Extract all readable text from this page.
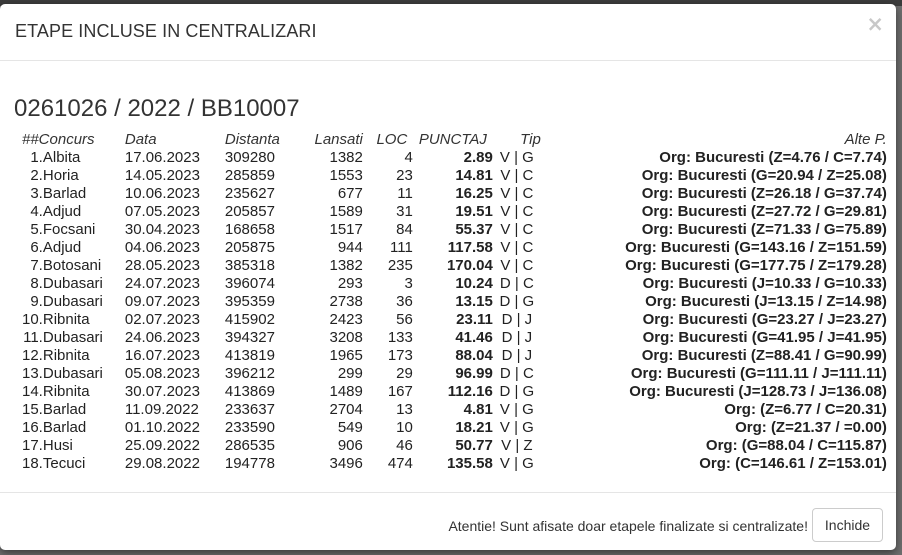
ETAPE INCLUSE IN CENTRALIZARI	×
0261026 / 2022 / BB10007
##Concurs	Data	Distanta	Lansati	LOC	PUNCTAJ	Tip	Alte P.
1.Albita	17.06.2023	309280	1382	4	2.89	V | G	Org: Bucuresti (Z=4.76 / C=7.74)
2.Horia	14.05.2023	285859	1553	23	14.81	V | C	Org: Bucuresti (G=20.94 / Z=25.08)
3.Barlad	10.06.2023	235627	677	11	16.25	V | C	Org: Bucuresti (Z=26.18 / G=37.74)
4.Adjud	07.05.2023	205857	1589	31	19.51	V | C	Org: Bucuresti (Z=27.72 / G=29.81)
5.Focsani	30.04.2023	168658	1517	84	55.37	V | C	Org: Bucuresti (Z=71.33 / G=75.89)
6.Adjud	04.06.2023	205875	944	111	117.58	V | C	Org: Bucuresti (G=143.16 / Z=151.59)
7.Botosani	28.05.2023	385318	1382	235	170.04	V | C	Org: Bucuresti (G=177.75 / Z=179.28)
8.Dubasari	24.07.2023	396074	293	3	10.24	D | C	Org: Bucuresti (J=10.33 / G=10.33)
9.Dubasari	09.07.2023	395359	2738	36	13.15	D | G	Org: Bucuresti (J=13.15 / Z=14.98)
10.Ribnita	02.07.2023	415902	2423	56	23.11	D | J	Org: Bucuresti (G=23.27 / J=23.27)
11.Dubasari	24.06.2023	394327	3208	133	41.46	D | J	Org: Bucuresti (G=41.95 / J=41.95)
12.Ribnita	16.07.2023	413819	1965	173	88.04	D | J	Org: Bucuresti (Z=88.41 / G=90.99)
13.Dubasari	05.08.2023	396212	299	29	96.99	D | C	Org: Bucuresti (G=111.11 / J=111.11)
14.Ribnita	30.07.2023	413869	1489	167	112.16	D | G	Org: Bucuresti (J=128.73 / J=136.08)
15.Barlad	11.09.2022	233637	2704	13	4.81	V | G	Org: (Z=6.77 / C=20.31)
16.Barlad	01.10.2022	233590	549	10	18.21	V | G	Org: (Z=21.37 / =0.00)
17.Husi	25.09.2022	286535	906	46	50.77	V | Z	Org: (G=88.04 / C=115.87)
18.Tecuci	29.08.2022	194778	3496	474	135.58	V | G	Org: (C=146.61 / Z=153.01)
Atentie! Sunt afisate doar etapele finalizate si centralizate!	Inchide
